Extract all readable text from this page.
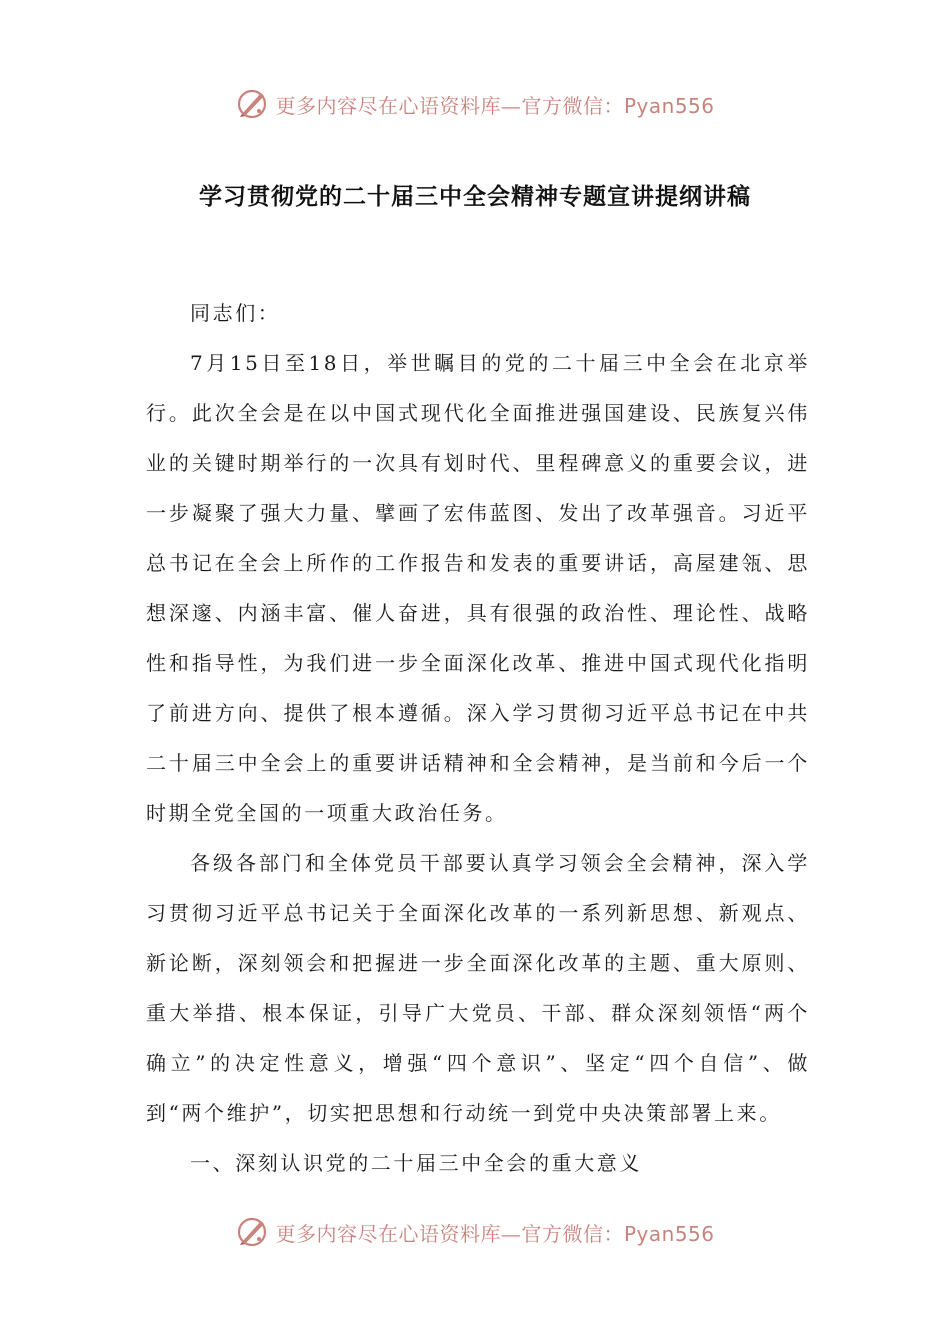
更多内容尽在心语资料库—官方微信：Pyan556
学习贯彻党的二十届三中全会精神专题宣讲提纲讲稿

同志们：

7月15日至18日，举世瞩目的党的二十届三中全会在北京举行。此次全会是在以中国式现代化全面推进强国建设、民族复兴伟业的关键时期举行的一次具有划时代、里程碑意义的重要会议，进一步凝聚了强大力量、擘画了宏伟蓝图、发出了改革强音。习近平总书记在全会上所作的工作报告和发表的重要讲话，高屋建瓴、思想深邃、内涵丰富、催人奋进，具有很强的政治性、理论性、战略性和指导性，为我们进一步全面深化改革、推进中国式现代化指明了前进方向、提供了根本遵循。深入学习贯彻习近平总书记在中共二十届三中全会上的重要讲话精神和全会精神，是当前和今后一个时期全党全国的一项重大政治任务。

各级各部门和全体党员干部要认真学习领会全会精神，深入学习贯彻习近平总书记关于全面深化改革的一系列新思想、新观点、新论断，深刻领会和把握进一步全面深化改革的主题、重大原则、重大举措、根本保证，引导广大党员、干部、群众深刻领悟“两个确立”的决定性意义，增强“四个意识”、坚定“四个自信”、做到“两个维护”，切实把思想和行动统一到党中央决策部署上来。

一、深刻认识党的二十届三中全会的重大意义

更多内容尽在心语资料库—官方微信：Pyan556
